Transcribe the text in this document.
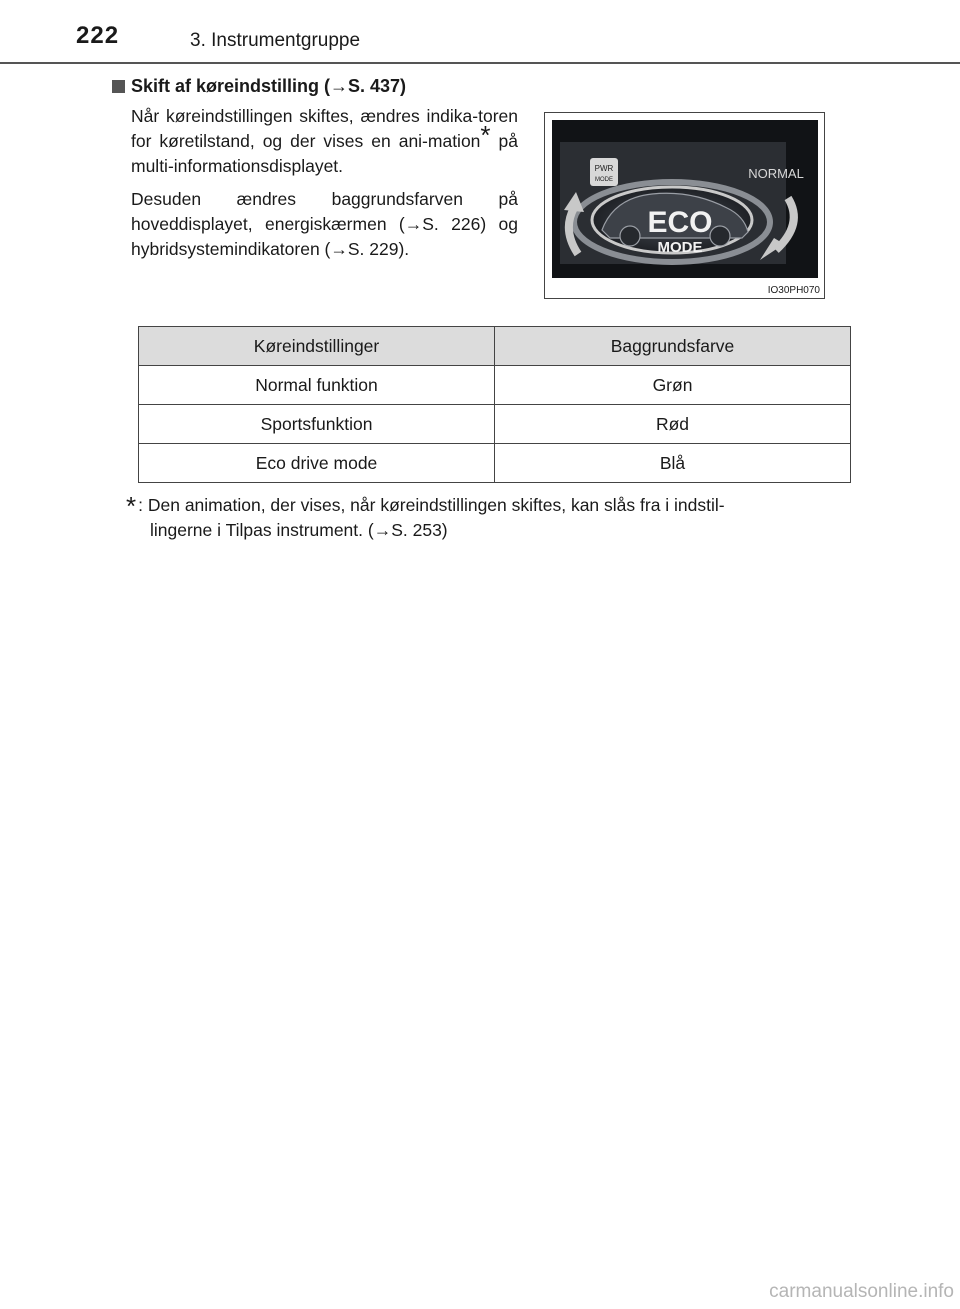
222	3. Instrumentgruppe
Skift af køreindstilling (→S. 437)

Når køreindstillingen skiftes, ændres indika-toren for køretilstand, og der vises en ani-mation* på multi-informationsdisplayet.

Desuden ændres baggrundsfarven på hoveddisplayet, energiskærmen (→S. 226) og hybridsystemindikatoren (→S. 229).

PWR
MODE	NORMAL
ECO
MODE
IO30PH070
Køreindstillinger	Baggrundsfarve
Normal funktion	Grøn
Sportsfunktion	Rød
Eco drive mode	Blå
* : Den animation, der vises, når køreindstillingen skiftes, kan slås fra i indstil-
lingerne i Tilpas instrument. (→S. 253)
carmanualsonline.info
